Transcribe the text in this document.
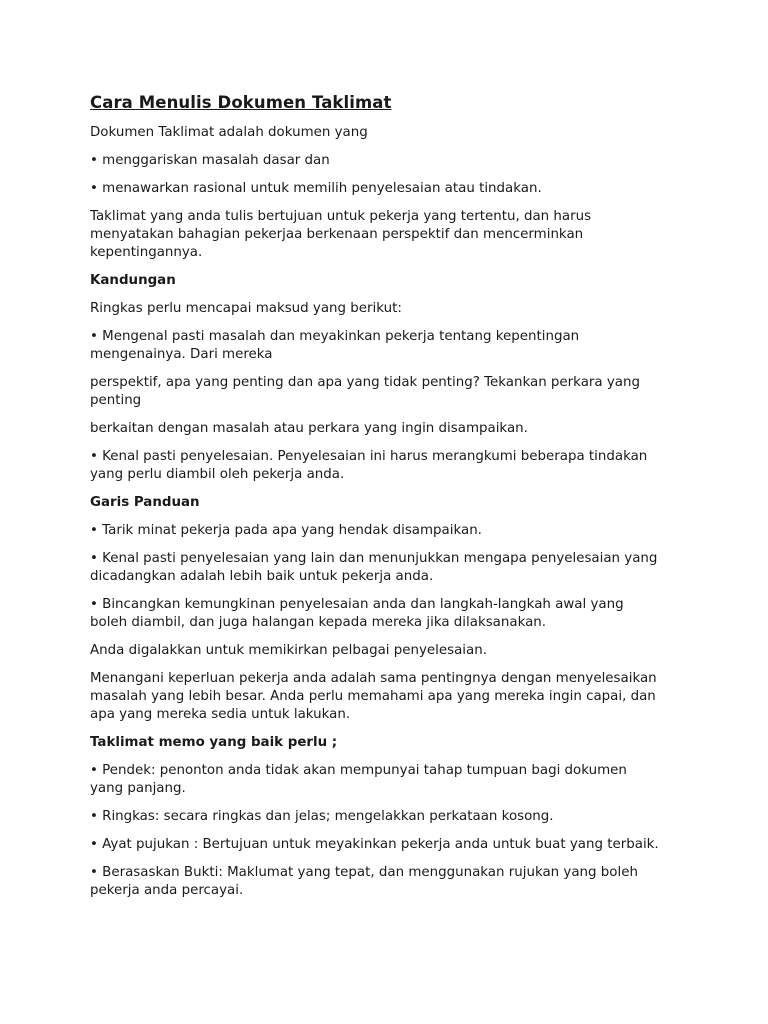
Cara Menulis Dokumen Taklimat
Dokumen Taklimat adalah dokumen yang
• menggariskan masalah dasar dan
• menawarkan rasional untuk memilih penyelesaian atau tindakan.
Taklimat yang anda tulis bertujuan untuk pekerja yang tertentu, dan harus
menyatakan bahagian pekerjaa berkenaan perspektif dan mencerminkan
kepentingannya.
Kandungan
Ringkas perlu mencapai maksud yang berikut:
• Mengenal pasti masalah dan meyakinkan pekerja tentang kepentingan
mengenainya. Dari mereka
perspektif, apa yang penting dan apa yang tidak penting? Tekankan perkara yang
penting
berkaitan dengan masalah atau perkara yang ingin disampaikan.
• Kenal pasti penyelesaian. Penyelesaian ini harus merangkumi beberapa tindakan
yang perlu diambil oleh pekerja anda.
Garis Panduan
• Tarik minat pekerja pada apa yang hendak disampaikan.
• Kenal pasti penyelesaian yang lain dan menunjukkan mengapa penyelesaian yang
dicadangkan adalah lebih baik untuk pekerja anda.
• Bincangkan kemungkinan penyelesaian anda dan langkah-langkah awal yang
boleh diambil, dan juga halangan kepada mereka jika dilaksanakan.
Anda digalakkan untuk memikirkan pelbagai penyelesaian.
Menangani keperluan pekerja anda adalah sama pentingnya dengan menyelesaikan
masalah yang lebih besar. Anda perlu memahami apa yang mereka ingin capai, dan
apa yang mereka sedia untuk lakukan.
Taklimat memo yang baik perlu ;
• Pendek: penonton anda tidak akan mempunyai tahap tumpuan bagi dokumen
yang panjang.
• Ringkas: secara ringkas dan jelas; mengelakkan perkataan kosong.
• Ayat pujukan : Bertujuan untuk meyakinkan pekerja anda untuk buat yang terbaik.
• Berasaskan Bukti: Maklumat yang tepat, dan menggunakan rujukan yang boleh
pekerja anda percayai.
